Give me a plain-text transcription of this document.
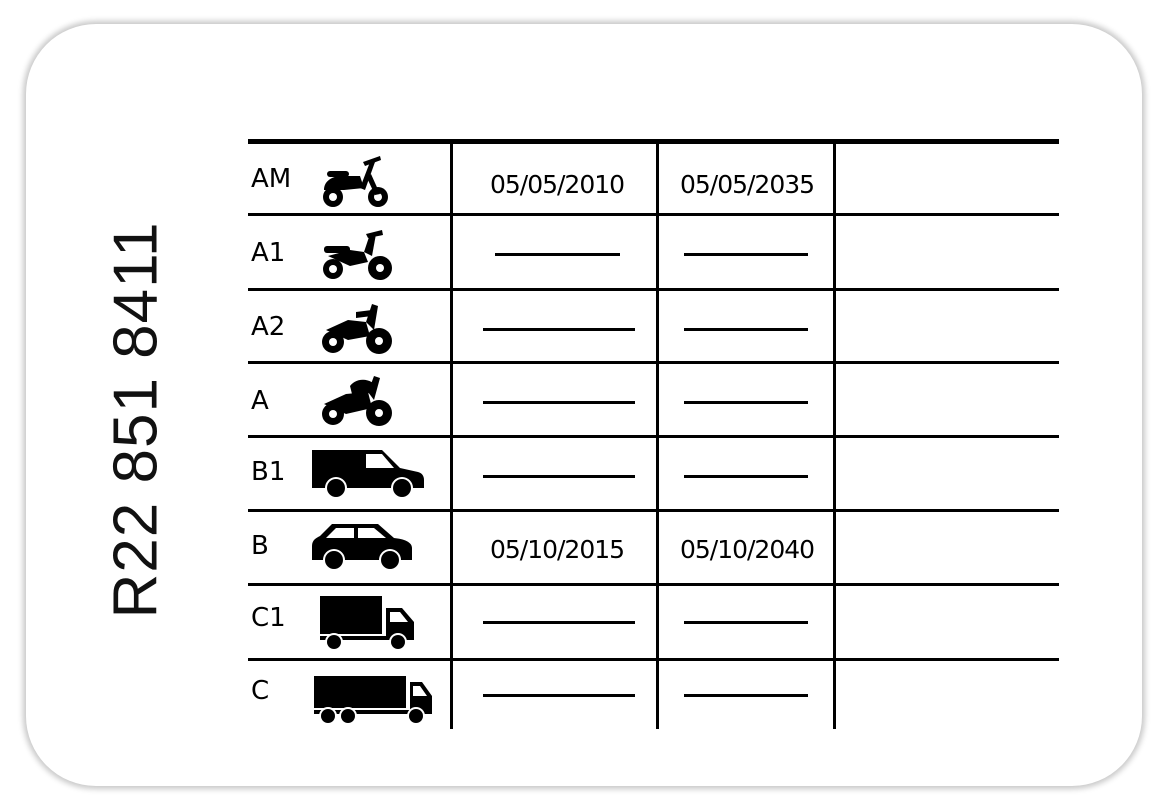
R22 851 8411
AM	05/05/2010	05/05/2035
A1
A2
A
B1
B	05/10/2015	05/10/2040
C1
C
